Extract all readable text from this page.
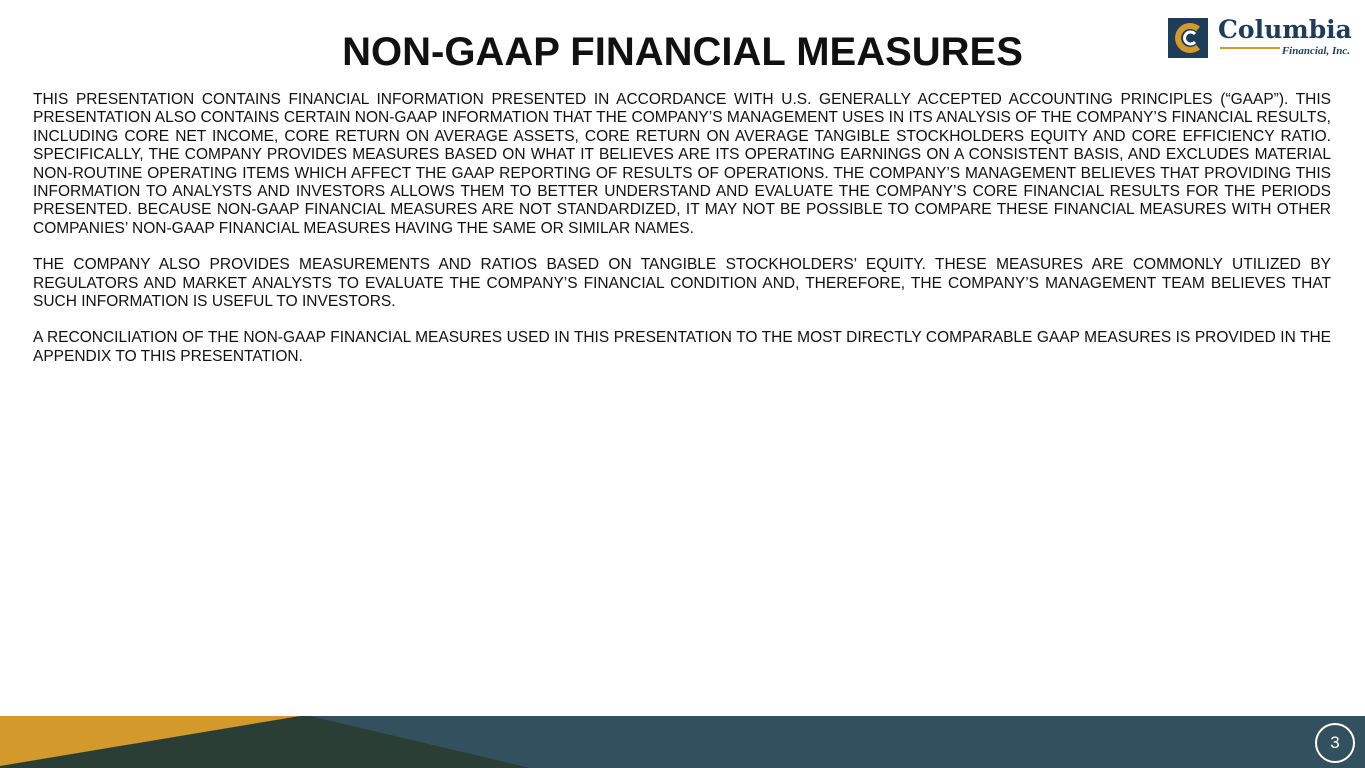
NON-GAAP FINANCIAL MEASURES
Columbia
Financial, Inc.

THIS PRESENTATION CONTAINS FINANCIAL INFORMATION PRESENTED IN ACCORDANCE WITH U.S. GENERALLY ACCEPTED ACCOUNTING PRINCIPLES (“GAAP”). THIS PRESENTATION ALSO CONTAINS CERTAIN NON-GAAP INFORMATION THAT THE COMPANY’S MANAGEMENT USES IN ITS ANALYSIS OF THE COMPANY’S FINANCIAL RESULTS, INCLUDING CORE NET INCOME, CORE RETURN ON AVERAGE ASSETS, CORE RETURN ON AVERAGE TANGIBLE STOCKHOLDERS EQUITY AND CORE EFFICIENCY RATIO. SPECIFICALLY, THE COMPANY PROVIDES MEASURES BASED ON WHAT IT BELIEVES ARE ITS OPERATING EARNINGS ON A CONSISTENT BASIS, AND EXCLUDES MATERIAL NON-ROUTINE OPERATING ITEMS WHICH AFFECT THE GAAP REPORTING OF RESULTS OF OPERATIONS. THE COMPANY’S MANAGEMENT BELIEVES THAT PROVIDING THIS INFORMATION TO ANALYSTS AND INVESTORS ALLOWS THEM TO BETTER UNDERSTAND AND EVALUATE THE COMPANY’S CORE FINANCIAL RESULTS FOR THE PERIODS PRESENTED. BECAUSE NON-GAAP FINANCIAL MEASURES ARE NOT STANDARDIZED, IT MAY NOT BE POSSIBLE TO COMPARE THESE FINANCIAL MEASURES WITH OTHER COMPANIES’ NON-GAAP FINANCIAL MEASURES HAVING THE SAME OR SIMILAR NAMES.

THE COMPANY ALSO PROVIDES MEASUREMENTS AND RATIOS BASED ON TANGIBLE STOCKHOLDERS’ EQUITY. THESE MEASURES ARE COMMONLY UTILIZED BY REGULATORS AND MARKET ANALYSTS TO EVALUATE THE COMPANY’S FINANCIAL CONDITION AND, THEREFORE, THE COMPANY’S MANAGEMENT TEAM BELIEVES THAT SUCH INFORMATION IS USEFUL TO INVESTORS.

A RECONCILIATION OF THE NON-GAAP FINANCIAL MEASURES USED IN THIS PRESENTATION TO THE MOST DIRECTLY COMPARABLE GAAP MEASURES IS PROVIDED IN THE APPENDIX TO THIS PRESENTATION.

3
